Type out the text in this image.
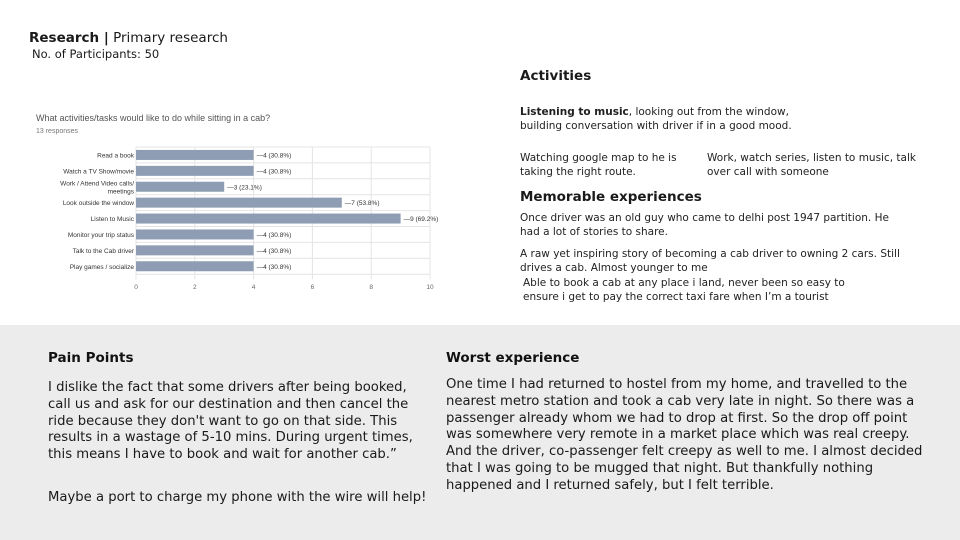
Research | Primary research
No. of Participants: 50
What activities/tasks would like to do while sitting in a cab?
13 responses
Read a book
Watch a TV Show/movie
Work / Attend Video calls/
meetings
Look outside the window
Listen to Music
Monitor your trip status
Talk to the Cab driver
Play games / socialize
—4 (30.8%)
—4 (30.8%)
—3 (23.1%)
—7 (53.8%)
—9 (69.2%)
—4 (30.8%)
—4 (30.8%)
—4 (30.8%)
0	2	4	6	8	10
Activities
Listening to music, looking out from the window, building conversation with driver if in a good mood.
Watching google map to he is taking the right route.
Work, watch series, listen to music, talk over call with someone
Memorable experiences
Once driver was an old guy who came to delhi post 1947 partition. He had a lot of stories to share.
A raw yet inspiring story of becoming a cab driver to owning 2 cars. Still drives a cab. Almost younger to me
Able to book a cab at any place i land, never been so easy to ensure i get to pay the correct taxi fare when I’m a tourist
Pain Points
I dislike the fact that some drivers after being booked, call us and ask for our destination and then cancel the ride because they don't want to go on that side. This results in a wastage of 5-10 mins. During urgent times, this means I have to book and wait for another cab.”
Maybe a port to charge my phone with the wire will help!
Worst experience
One time I had returned to hostel from my home, and travelled to the nearest metro station and took a cab very late in night. So there was a passenger already whom we had to drop at first. So the drop off point was somewhere very remote in a market place which was real creepy. And the driver, co-passenger felt creepy as well to me. I almost decided that I was going to be mugged that night. But thankfully nothing happened and I returned safely, but I felt terrible.
